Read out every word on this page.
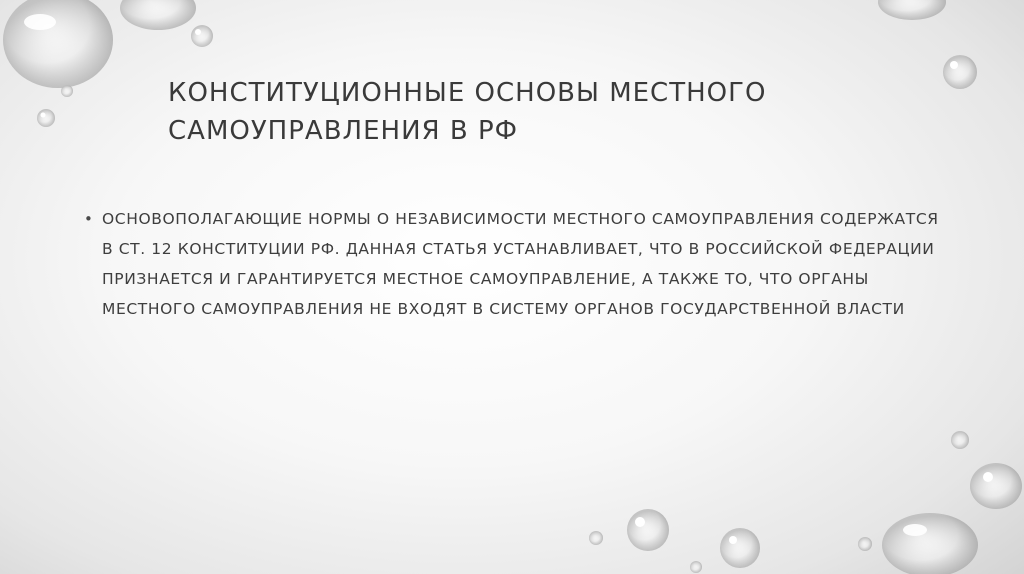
КОНСТИТУЦИОННЫЕ ОСНОВЫ МЕСТНОГО САМОУПРАВЛЕНИЯ В РФ
• ОСНОВОПОЛАГАЮЩИЕ НОРМЫ О НЕЗАВИСИМОСТИ МЕСТНОГО САМОУПРАВЛЕНИЯ СОДЕРЖАТСЯ В СТ. 12 КОНСТИТУЦИИ РФ. ДАННАЯ СТАТЬЯ УСТАНАВЛИВАЕТ, ЧТО В РОССИЙСКОЙ ФЕДЕРАЦИИ ПРИЗНАЕТСЯ И ГАРАНТИРУЕТСЯ МЕСТНОЕ САМОУПРАВЛЕНИЕ, А ТАКЖЕ ТО, ЧТО ОРГАНЫ МЕСТНОГО САМОУПРАВЛЕНИЯ НЕ ВХОДЯТ В СИСТЕМУ ОРГАНОВ ГОСУДАРСТВЕННОЙ ВЛАСТИ
